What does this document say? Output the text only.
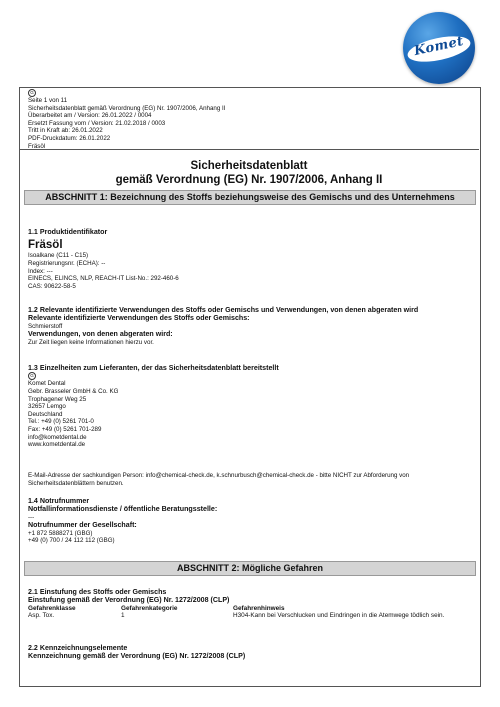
Komet
G
Seite 1 von 11
Sicherheitsdatenblatt gemäß Verordnung (EG) Nr. 1907/2006, Anhang II
Überarbeitet am / Version: 26.01.2022 / 0004
Ersetzt Fassung vom / Version: 21.02.2018 / 0003
Tritt in Kraft ab: 26.01.2022
PDF-Druckdatum: 26.01.2022
Fräsöl
Sicherheitsdatenblatt
gemäß Verordnung (EG) Nr. 1907/2006, Anhang II
ABSCHNITT 1: Bezeichnung des Stoffs beziehungsweise des Gemischs und des Unternehmens
1.1 Produktidentifikator
Fräsöl
Isoalkane (C11 - C15)
Registrierungsnr. (ECHA): --
Index: ---
EINECS, ELINCS, NLP, REACH-IT List-No.: 292-460-6
CAS: 90622-58-5
1.2 Relevante identifizierte Verwendungen des Stoffs oder Gemischs und Verwendungen, von denen abgeraten wird
Relevante identifizierte Verwendungen des Stoffs oder Gemischs:
Schmierstoff
Verwendungen, von denen abgeraten wird:
Zur Zeit liegen keine Informationen hierzu vor.
1.3 Einzelheiten zum Lieferanten, der das Sicherheitsdatenblatt bereitstellt
G
Komet Dental
Gebr. Brasseler GmbH & Co. KG
Trophagener Weg 25
32657 Lemgo
Deutschland
Tel.: +49 (0) 5261 701-0
Fax: +49 (0) 5261 701-289
info@kometdental.de
www.kometdental.de
E-Mail-Adresse der sachkundigen Person: info@chemical-check.de, k.schnurbusch@chemical-check.de - bitte NICHT zur Abforderung von
Sicherheitsdatenblättern benutzen.
1.4 Notrufnummer
Notfallinformationsdienste / öffentliche Beratungsstelle:
---
Notrufnummer der Gesellschaft:
+1 872 5888271 (GBG)
+49 (0) 700 / 24 112 112 (GBG)
ABSCHNITT 2: Mögliche Gefahren
2.1 Einstufung des Stoffs oder Gemischs
Einstufung gemäß der Verordnung (EG) Nr. 1272/2008 (CLP)
Gefahrenklasse	Gefahrenkategorie	Gefahrenhinweis
Asp. Tox.	1	H304-Kann bei Verschlucken und Eindringen in die Atemwege tödlich sein.
2.2 Kennzeichnungselemente
Kennzeichnung gemäß der Verordnung (EG) Nr. 1272/2008 (CLP)
